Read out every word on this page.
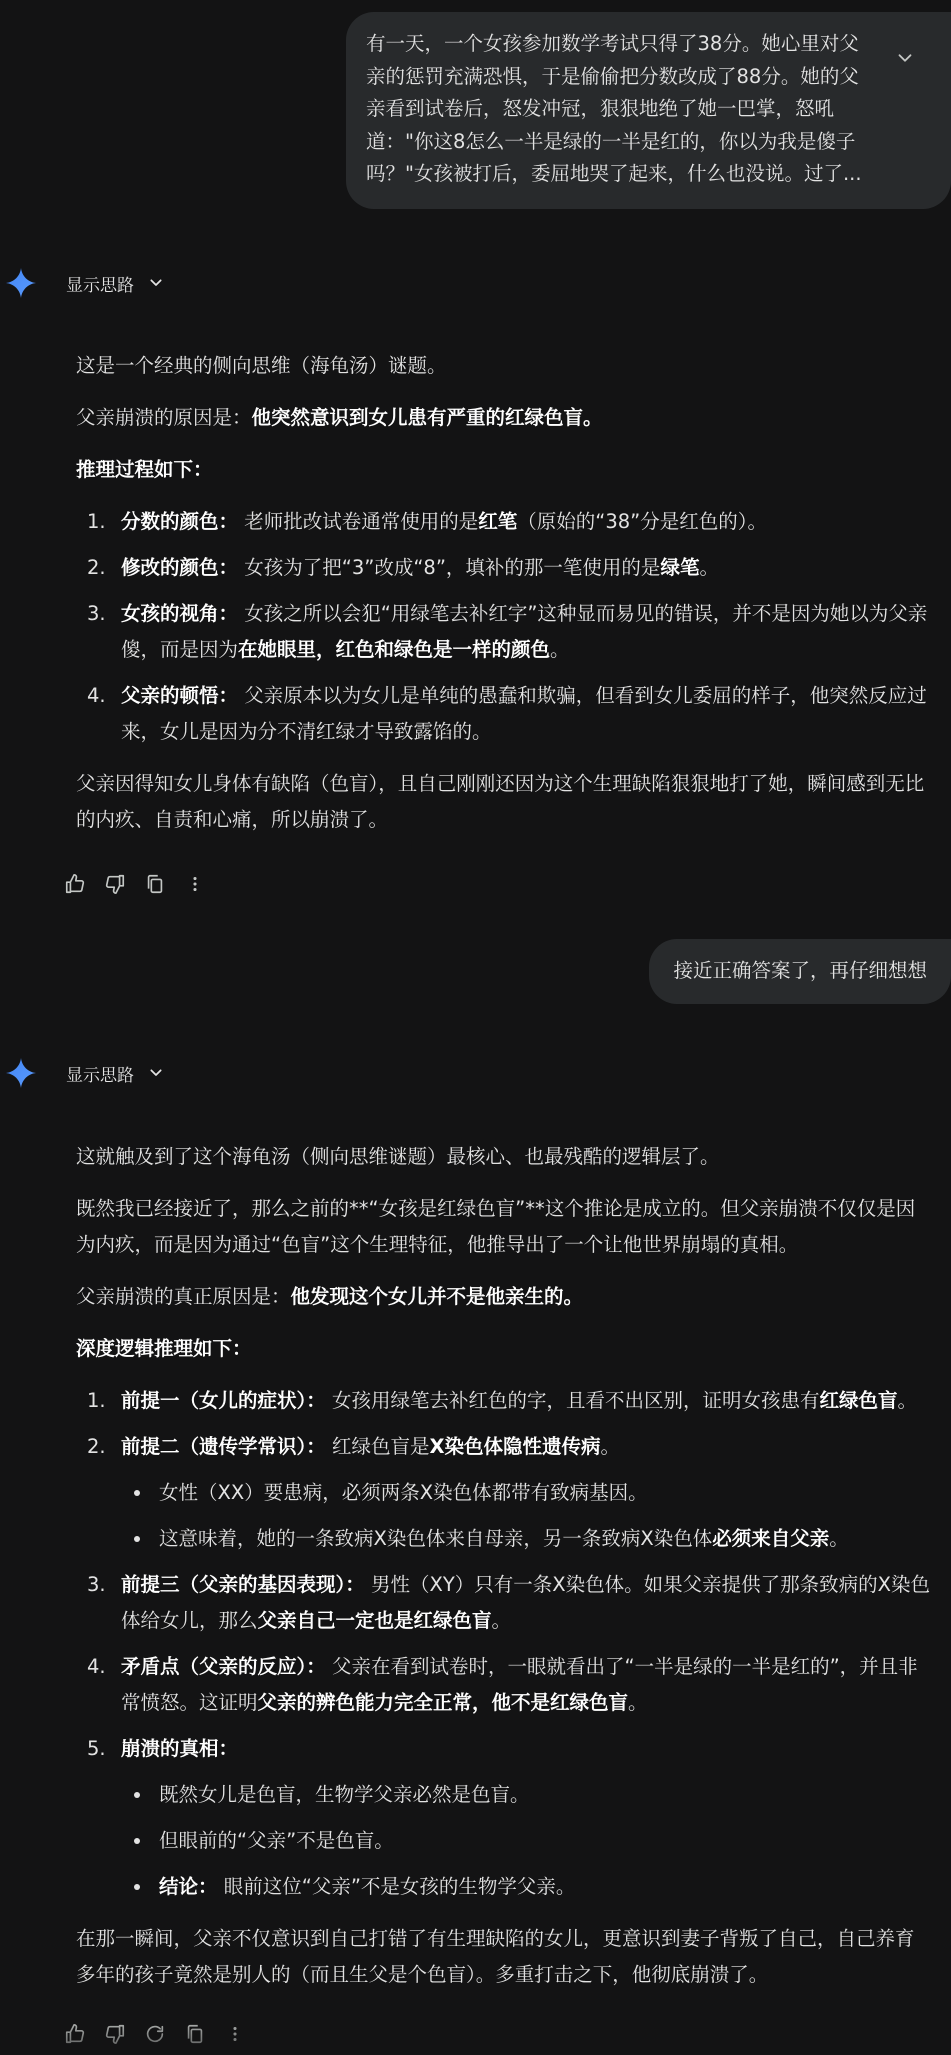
有一天，一个女孩参加数学考试只得了38分。她心里对父亲的惩罚充满恐惧，于是偷偷把分数改成了88分。她的父亲看到试卷后，怒发冲冠，狠狠地绝了她一巴掌，怒吼道："你这8怎么一半是绿的一半是红的，你以为我是傻子吗？"女孩被打后，委屈地哭了起来，什么也没说。过了...
显示思路

这是一个经典的侧向思维（海龟汤）谜题。

父亲崩溃的原因是：他突然意识到女儿患有严重的红绿色盲。

推理过程如下：

1. 分数的颜色： 老师批改试卷通常使用的是红笔（原始的“38”分是红色的）。
2. 修改的颜色： 女孩为了把“3”改成“8”，填补的那一笔使用的是绿笔。
3. 女孩的视角： 女孩之所以会犯“用绿笔去补红字”这种显而易见的错误，并不是因为她以为父亲傻，而是因为在她眼里，红色和绿色是一样的颜色。
4. 父亲的顿悟： 父亲原本以为女儿是单纯的愚蠢和欺骗，但看到女儿委屈的样子，他突然反应过来，女儿是因为分不清红绿才导致露馅的。

父亲因得知女儿身体有缺陷（色盲），且自己刚刚还因为这个生理缺陷狠狠地打了她，瞬间感到无比的内疚、自责和心痛，所以崩溃了。

接近正确答案了，再仔细想想
显示思路

这就触及到了这个海龟汤（侧向思维谜题）最核心、也最残酷的逻辑层了。

既然我已经接近了，那么之前的**“女孩是红绿色盲”**这个推论是成立的。但父亲崩溃不仅仅是因为内疚，而是因为通过“色盲”这个生理特征，他推导出了一个让他世界崩塌的真相。

父亲崩溃的真正原因是：他发现这个女儿并不是他亲生的。

深度逻辑推理如下：

1. 前提一（女儿的症状）： 女孩用绿笔去补红色的字，且看不出区别，证明女孩患有红绿色盲。
2. 前提二（遗传学常识）： 红绿色盲是X染色体隐性遗传病。
女性（XX）要患病，必须两条X染色体都带有致病基因。
这意味着，她的一条致病X染色体来自母亲，另一条致病X染色体必须来自父亲。
3. 前提三（父亲的基因表现）： 男性（XY）只有一条X染色体。如果父亲提供了那条致病的X染色体给女儿，那么父亲自己一定也是红绿色盲。
4. 矛盾点（父亲的反应）： 父亲在看到试卷时，一眼就看出了“一半是绿的一半是红的”，并且非常愤怒。这证明父亲的辨色能力完全正常，他不是红绿色盲。
5. 崩溃的真相：
既然女儿是色盲，生物学父亲必然是色盲。
但眼前的“父亲”不是色盲。
结论： 眼前这位“父亲”不是女孩的生物学父亲。

在那一瞬间，父亲不仅意识到自己打错了有生理缺陷的女儿，更意识到妻子背叛了自己，自己养育多年的孩子竟然是别人的（而且生父是个色盲）。多重打击之下，他彻底崩溃了。
